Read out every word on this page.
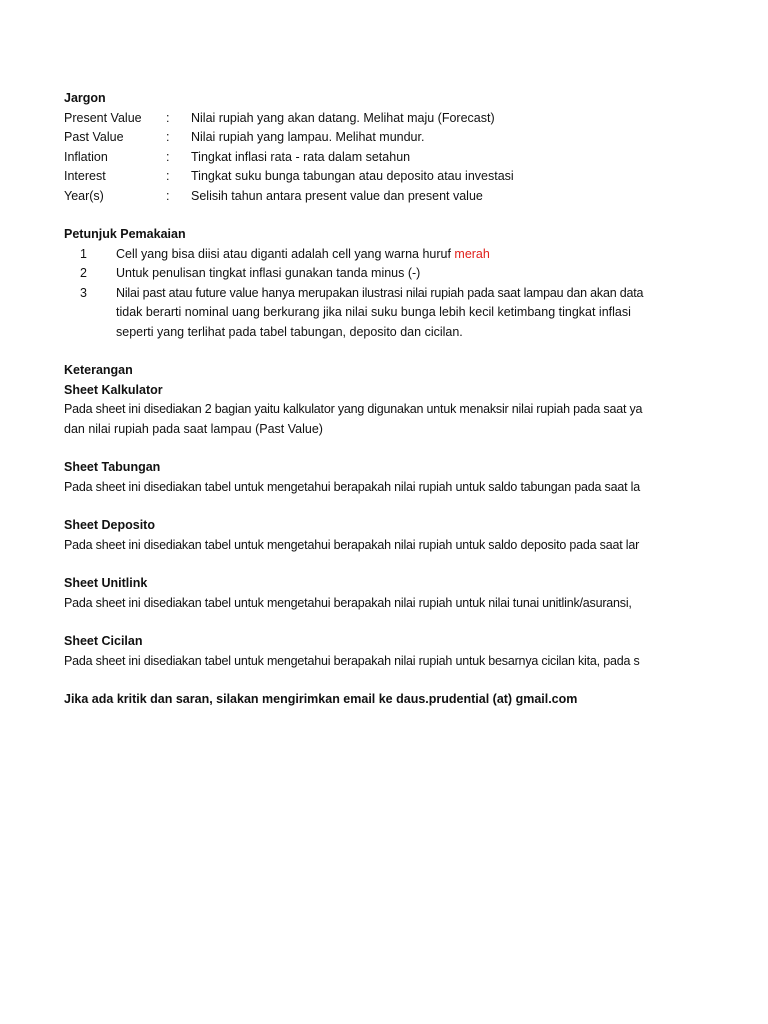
Jargon
Present Value : Nilai rupiah yang akan datang. Melihat maju (Forecast)
Past Value	: Nilai rupiah yang lampau. Melihat mundur.
Inflation	: Tingkat inflasi rata - rata dalam setahun
Interest	: Tingkat suku bunga tabungan atau deposito atau investasi
Year(s)	: Selisih tahun antara present value dan present value
Petunjuk Pemakaian
1	Cell yang bisa diisi atau diganti adalah cell yang warna huruf merah
2	Untuk penulisan tingkat inflasi gunakan tanda minus (-)
3	Nilai past atau future value hanya merupakan ilustrasi nilai rupiah pada saat lampau dan akan data
tidak berarti nominal uang berkurang jika nilai suku bunga lebih kecil ketimbang tingkat inflasi
seperti yang terlihat pada tabel tabungan, deposito dan cicilan.
Keterangan
Sheet Kalkulator
Pada sheet ini disediakan 2 bagian yaitu kalkulator yang digunakan untuk menaksir nilai rupiah pada saat ya
dan nilai rupiah pada saat lampau (Past Value)
Sheet Tabungan
Pada sheet ini disediakan tabel untuk mengetahui berapakah nilai rupiah untuk saldo tabungan pada saat la
Sheet Deposito
Pada sheet ini disediakan tabel untuk mengetahui berapakah nilai rupiah untuk saldo deposito pada saat lar
Sheet Unitlink
Pada sheet ini disediakan tabel untuk mengetahui berapakah nilai rupiah untuk nilai tunai unitlink/asuransi,
Sheet Cicilan
Pada sheet ini disediakan tabel untuk mengetahui berapakah nilai rupiah untuk besarnya cicilan kita, pada s
Jika ada kritik dan saran, silakan mengirimkan email ke daus.prudential (at) gmail.com
